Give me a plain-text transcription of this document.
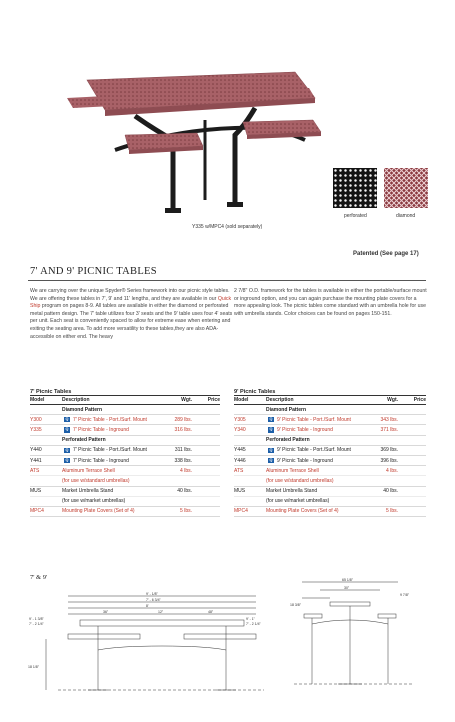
Y335 w/MPC4 (sold separately)
perforated	diamond
Patented (See page 17)
7' AND 9' PICNIC TABLES
We are carrying over the unique Spyder® Series framework into our picnic style tables. We are offering these tables in 7', 9' and 11' lengths, and they are available in our Quick Ship program on pages 8-9. All tables are available in either the diamond or perforated metal pattern design. The 7' table utilizes four 3' seats and the 9' table uses four 4' seats per unit. Each seat is conveniently spaced to allow for extreme ease when entering and exiting the seating area. To add more versatility to these tables,they are also ADA-accessible on either end. The heavy
2 7/8" O.D. framework for the tables is available in either the portable/surface mount or inground option, and you can again purchase the mounting plate covers for a more appealing look. The picnic tables come standard with an umbrella hole for use with umbrella stands. Color choices can be found on pages 150-151.
7' Picnic Tables
Model	Description	Wgt.	Price
Diamond Pattern
Y300	Q 7' Picnic Table - Port./Surf. Mount	289 lbs.
Y335	Q 7' Picnic Table - Inground	316 lbs.
Perforated Pattern
Y440	Q 7' Picnic Table - Port./Surf. Mount	311 lbs.
Y441	Q 7' Picnic Table - Inground	338 lbs.
ATS	Aluminum Terrace Shell	4 lbs.
(for use w/standard umbrellas)
MUS	Market Umbrella Stand	40 lbs.
(for use w/market umbrellas)
MPC4	Mounting Plate Covers (Set of 4)	5 lbs.
9' Picnic Tables
Model	Description	Wgt.	Price
Diamond Pattern
Y305	Q 9' Picnic Table - Port./Surf. Mount	343 lbs.
Y340	Q 9' Picnic Table - Inground	371 lbs.
Perforated Pattern
Y445	Q 9' Picnic Table - Port./Surf. Mount	369 lbs.
Y446	Q 9' Picnic Table - Inground	396 lbs.
ATS	Aluminum Terrace Shell	4 lbs.
(for use w/standard umbrellas)
MUS	Market Umbrella Stand	40 lbs.
(for use w/market umbrellas)
MPC4	Mounting Plate Covers (Set of 4)	5 lbs.
7' & 9'
9' - 1/8"
7' - 6 3/4"
8'
36"	12"	48"
9' - 1 3/8"
7' - 2 1/4"
9' - 1"
7' - 2 1/4"
18 1/8"
65 1/8"
30"
9 7/8"
18 3/8"
